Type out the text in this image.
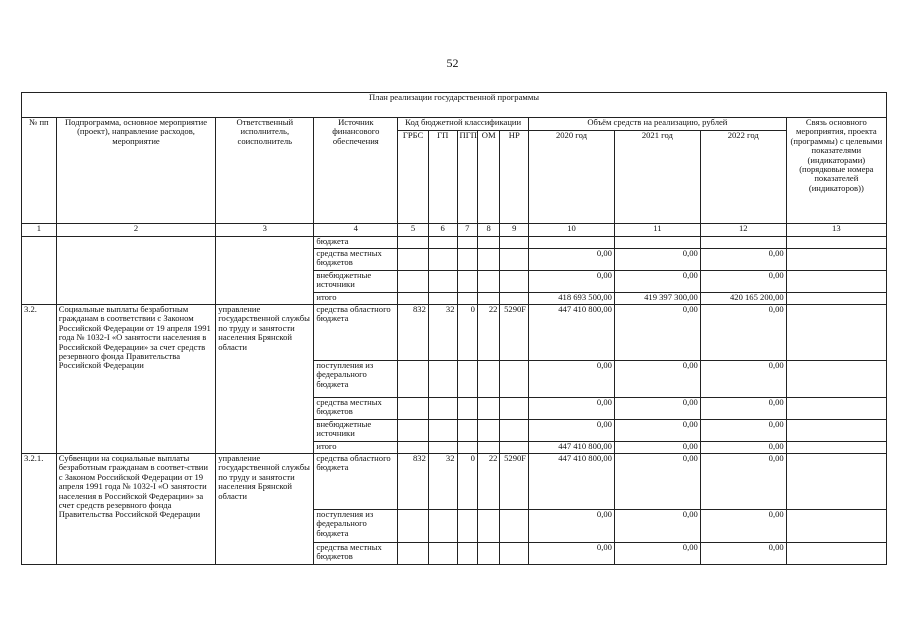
52
План реализации государственной программы												
№ пп	Подпрограмма, основное мероприятие (проект), направление расходов, мероприятие	Ответственный исполнитель, соисполнитель	Источник финансового обеспечения	Код бюджетной классификации					Объём средств на реализацию, рублей			Связь основного мероприятия, проекта (программы) с целевыми показателями (индикаторами) (порядковые номера показателей (индикаторов))
				ГРБС	ГП	ПГП	ОМ	НР	2020 год	2021 год	2022 год	
1	2	3	4	5	6	7	8	9	10	11	12	13
			бюджета									
			средства местных бюджетов						0,00	0,00	0,00	
			внебюджетные источники						0,00	0,00	0,00	
			итого						418 693 500,00	419 397 300,00	420 165 200,00	
3.2.	Социальные выплаты безработным гражданам в соответствии с Законом Российской Федерации от 19 апреля 1991 года № 1032-I «О занятости населения в Российской Федерации» за счет средств резервного фонда Правительства Российской Федерации	управление государственной службы по труду и занятости населения Брянской области	средства областного бюджета	832	32	0	22	5290F	447 410 800,00	0,00	0,00	
			поступления из федерального бюджета						0,00	0,00	0,00	
			средства местных бюджетов						0,00	0,00	0,00	
			внебюджетные источники						0,00	0,00	0,00	
			итого						447 410 800,00	0,00	0,00	
3.2.1.	Субвенции на социальные выплаты безработным гражданам в соответ-ствии с Законом Российской Федерации от 19 апреля 1991 года № 1032-I «О занятости населения в Российской Федерации» за счет средств резервного фонда Правительства Российской Федерации	управление государственной службы по труду и занятости населения Брянской области	средства областного бюджета	832	32	0	22	5290F	447 410 800,00	0,00	0,00	
			поступления из федерального бюджета						0,00	0,00	0,00	
			средства местных бюджетов						0,00	0,00	0,00	
